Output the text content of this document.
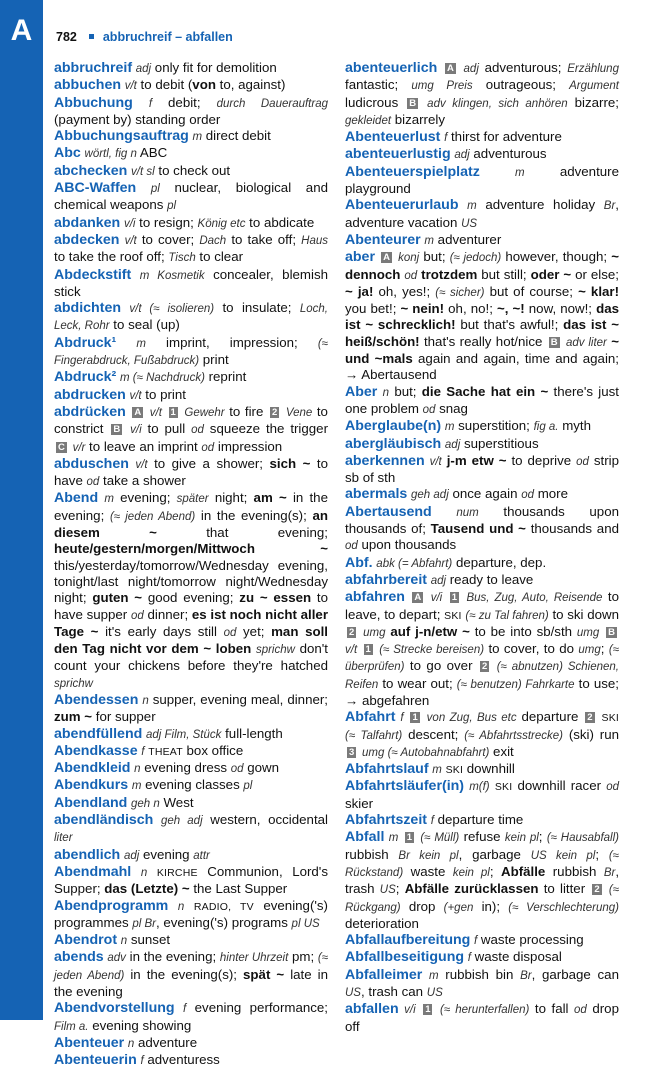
A	782 abbruchreif – abfallen

abbruchreif adj only fit for demolition

abbuchen v/t to debit (von to, against)

Abbuchung f debit; durch Dauerauftrag (payment by) standing order

Abbuchungsauftrag m direct debit

Abc wörtl, fig n ABC

abchecken v/t sl to check out

ABC-Waffen pl nuclear, biological and chemical weapons pl

abdanken v/i to resign; König etc to abdicate

abdecken v/t to cover; Dach to take off; Haus to take the roof off; Tisch to clear

Abdeckstift m Kosmetik concealer, blemish stick

abdichten v/t (≈ isolieren) to insulate; Loch, Leck, Rohr to seal (up)

Abdruck¹ m imprint, impression; (≈ Fingerabdruck, Fußabdruck) print

Abdruck² m (≈ Nachdruck) reprint

abdrucken v/t to print

abdrücken A v/t 1 Gewehr to fire 2 Vene to constrict B v/i to pull od squeeze the trigger C v/r to leave an imprint od impression

abduschen v/t to give a shower; sich ~ to have od take a shower

Abend m evening; später night; am ~ in the evening; (≈ jeden Abend) in the evening(s); an diesem ~ that evening; heute/gestern/morgen/Mittwoch ~ this/yesterday/tomorrow/Wednesday evening, tonight/last night/tomorrow night/Wednesday night; guten ~ good evening; zu ~ essen to have supper od dinner; es ist noch nicht aller Tage ~ it's early days still od yet; man soll den Tag nicht vor dem ~ loben sprichw don't count your chickens before they're hatched sprichw

Abendessen n supper, evening meal, dinner; zum ~ for supper

abendfüllend adj Film, Stück full-length

Abendkasse f THEAT box office

Abendkleid n evening dress od gown

Abendkurs m evening classes pl

Abendland geh n West

abendländisch geh adj western, occidental liter

abendlich adj evening attr

Abendmahl n KIRCHE Communion, Lord's Supper; das (Letzte) ~ the Last Supper

Abendprogramm n RADIO, TV evening('s) programmes pl Br, evening('s) programs pl US

Abendrot n sunset

abends adv in the evening; hinter Uhrzeit pm; (≈ jeden Abend) in the evening(s); spät ~ late in the evening

Abendvorstellung f evening performance; Film a. evening showing

Abenteuer n adventure

Abenteuerin f adventuress

abenteuerlich A adj adventurous; Erzählung fantastic; umg Preis outrageous; Argument ludicrous B adv klingen, sich anhören bizarre; gekleidet bizarrely

Abenteuerlust f thirst for adventure

abenteuerlustig adj adventurous

Abenteuerspielplatz	m adventure playground

Abenteuerurlaub m adventure holiday Br, adventure vacation US

Abenteurer m adventurer

aber A konj but; (≈ jedoch) however, though; ~ dennoch od trotzdem but still; oder ~ or else; ~ ja! oh, yes!; (≈ sicher) but of course; ~ klar! you bet!; ~ nein! oh, no!; ~, ~! now, now!; das ist ~ schrecklich! but that's awful!; das ist ~ heiß/schön! that's really hot/nice B adv liter ~ und ~mals again and again, time and again; → Abertausend

Aber n but; die Sache hat ein ~ there's just one problem od snag

Aberglaube(n) m superstition; fig a. myth

abergläubisch adj superstitious

aberkennen v/t j-m etw ~ to deprive od strip sb of sth

abermals geh adj once again od more

Abertausend num thousands upon thousands of; Tausend und ~ thousands and od upon thousands

Abf. abk (= Abfahrt) departure, dep.

abfahrbereit adj ready to leave

abfahren A v/i 1 Bus, Zug, Auto, Reisende to leave, to depart; SKI (≈ zu Tal fahren) to ski down 2 umg auf j-n/etw ~ to be into sb/sth umg B v/t 1 (≈ Strecke bereisen) to cover, to do umg; (≈ überprüfen) to go over 2 (≈ abnutzen) Schienen, Reifen to wear out; (≈ benutzen) Fahrkarte to use; → abgefahren

Abfahrt f 1 von Zug, Bus etc departure 2 SKI (≈ Talfahrt) descent; (≈ Abfahrtsstrecke) (ski) run 3 umg (≈ Autobahnabfahrt) exit

Abfahrtslauf m SKI downhill

Abfahrtsläufer(in) m(f) SKI downhill racer od skier

Abfahrtszeit f departure time

Abfall m 1 (≈ Müll) refuse kein pl; (≈ Hausabfall) rubbish Br kein pl, garbage US kein pl; (≈ Rückstand) waste kein pl; Abfälle rubbish Br, trash US; Abfälle zurücklassen to litter 2 (≈ Rückgang) drop (+gen in); (≈ Verschlechterung) deterioration

Abfallaufbereitung f waste processing

Abfallbeseitigung f waste disposal

Abfalleimer m rubbish bin Br, garbage can US, trash can US

abfallen v/i 1 (≈ herunterfallen) to fall od drop off
